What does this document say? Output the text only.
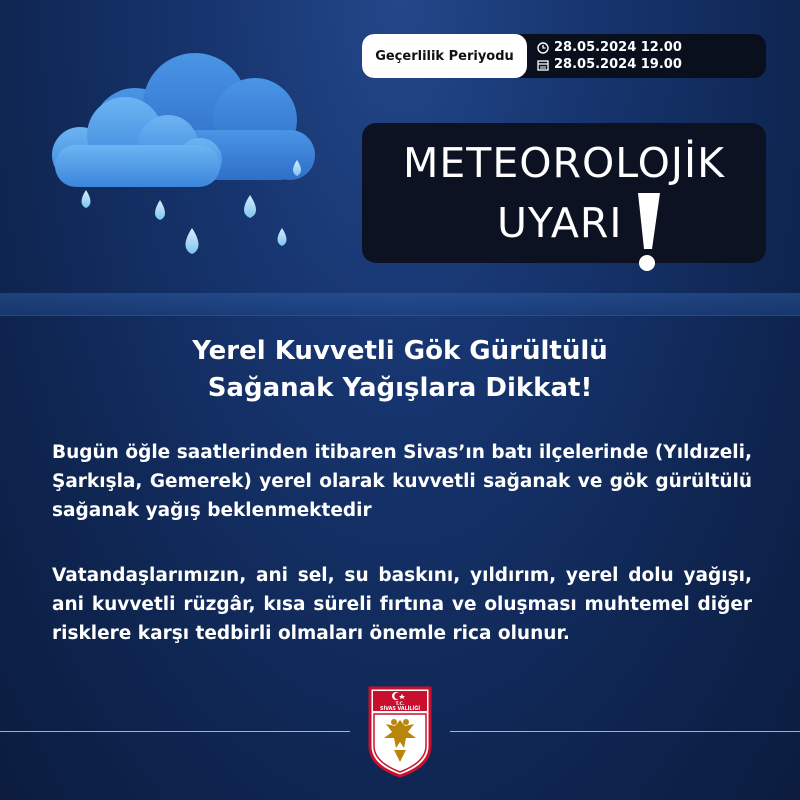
Geçerlilik Periyodu
28.05.2024 12.00
28.05.2024 19.00
METEOROLOJİK
UYARI
Yerel Kuvvetli Gök Gürültülü
Sağanak Yağışlara Dikkat!

Bugün öğle saatlerinden itibaren Sivas’ın batı ilçelerinde (Yıldızeli, Şarkışla, Gemerek) yerel olarak kuvvetli sağanak ve gök gürültülü sağanak yağış beklenmektedir

Vatandaşlarımızın, ani sel, su baskını, yıldırım, yerel dolu yağışı, ani kuvvetli rüzgâr, kısa süreli fırtına ve oluşması muhtemel diğer risklere karşı tedbirli olmaları önemle rica olunur.

T.C.
SİVAS VALİLİĞİ
